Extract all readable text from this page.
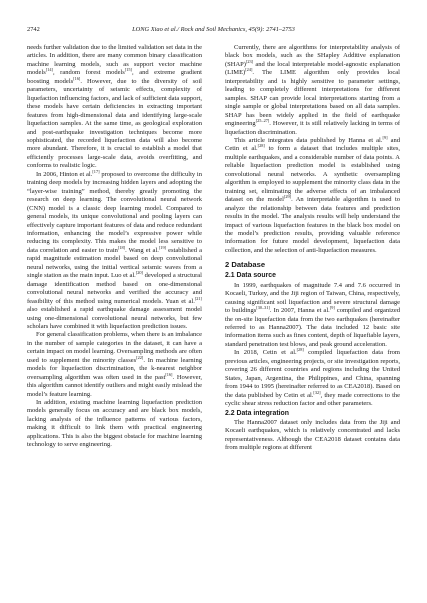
2742	LONG Xiao et al./ Rock and Soil Mechanics, 45(9): 2741–2753

needs further validation due to the limited validation set data in the articles. In addition, there are many common binary classification machine learning models, such as support vector machine models[14], random forest models[15], and extreme gradient boosting models[16]. However, due to the diversity of soil parameters, uncertainty of seismic effects, complexity of liquefaction influencing factors, and lack of sufficient data support, these models have certain deficiencies in extracting important features from high-dimensional data and identifying large-scale liquefaction samples. At the same time, as geological exploration and post-earthquake investigation techniques become more sophisticated, the recorded liquefaction data will also become more abundant. Therefore, it is crucial to establish a model that efficiently processes large-scale data, avoids overfitting, and conforms to realistic logic.

In 2006, Hinton et al.[17] proposed to overcome the difficulty in training deep models by increasing hidden layers and adopting the “layer-wise training” method, thereby greatly promoting the research on deep learning. The convolutional neural network (CNN) model is a classic deep learning model. Compared to general models, its unique convolutional and pooling layers can effectively capture important features of data and reduce redundant information, enhancing the model’s expressive power while reducing its complexity. This makes the model less sensitive to data correlation and easier to train[18]. Wang et al.[19] established a rapid magnitude estimation model based on deep convolutional neural networks, using the initial vertical seismic waves from a single station as the main input. Luo et al.[20] developed a structural damage identification method based on one-dimensional convolutional neural networks and verified the accuracy and feasibility of this method using numerical models. Yuan et al.[21] also established a rapid earthquake damage assessment model using one-dimensional convolutional neural networks, but few scholars have combined it with liquefaction prediction issues.

For general classification problems, when there is an imbalance in the number of sample categories in the dataset, it can have a certain impact on model learning. Oversampling methods are often used to supplement the minority classes[22]. In machine learning models for liquefaction discrimination, the k-nearest neighbor oversampling algorithm was often used in the past[16]. However, this algorithm cannot identify outliers and might easily mislead the model’s feature learning.

In addition, existing machine learning liquefaction prediction models generally focus on accuracy and are black box models, lacking analysis of the influence patterns of various factors, making it difficult to link them with practical engineering applications. This is also the biggest obstacle for machine learning technology to serve engineering.

Currently, there are algorithms for interpretability analysis of black box models, such as the SHapley Additive explanation (SHAP)[23] and the local interpretable model-agnostic explanation (LIME)[24]. The LIME algorithm only provides local interpretability and is highly sensitive to parameter settings, leading to completely different interpretations for different samples. SHAP can provide local interpretations starting from a single sample or global interpretations based on all data samples. SHAP has been widely applied in the field of earthquake engineering[25–27]. However, it is still relatively lacking in terms of liquefaction discrimination.

This article integrates data published by Hanna et al.[9] and Cetin et al.[28] to form a dataset that includes multiple sites, multiple earthquakes, and a considerable number of data points. A reliable liquefaction prediction model is established using convolutional neural networks. A synthetic oversampling algorithm is employed to supplement the minority class data in the training set, eliminating the adverse effects of an imbalanced dataset on the model[29]. An interpretable algorithm is used to analyze the relationship between data features and prediction results in the model. The analysis results will help understand the impact of various liquefaction features in the black box model on the model’s prediction results, providing valuable reference information for future model development, liquefaction data collection, and the selection of anti-liquefaction measures.

2 Database
2.1 Data source

In 1999, earthquakes of magnitude 7.4 and 7.6 occurred in Kocaeli, Turkey, and the Jiji region of Taiwan, China, respectively, causing significant soil liquefaction and severe structural damage to buildings[30–31]. In 2007, Hanna et al.[9] compiled and organized the on-site liquefaction data from the two earthquakes (hereinafter referred to as Hanna2007). The data included 12 basic site information items such as fines content, depth of liquefiable layers, standard penetration test blows, and peak ground acceleration.

In 2018, Cetin et al.[28] compiled liquefaction data from previous articles, engineering projects, or site investigation reports, covering 26 different countries and regions including the United States, Japan, Argentina, the Philippines, and China, spanning from 1944 to 1995 (hereinafter referred to as CEA2018). Based on the data published by Cetin et al.[32], they made corrections to the cyclic shear stress reduction factor and other parameters.

2.2 Data integration

The Hanna2007 dataset only includes data from the Jiji and Kocaeli earthquakes, which is relatively concentrated and lacks representativeness. Although the CEA2018 dataset contains data from multiple regions at different
